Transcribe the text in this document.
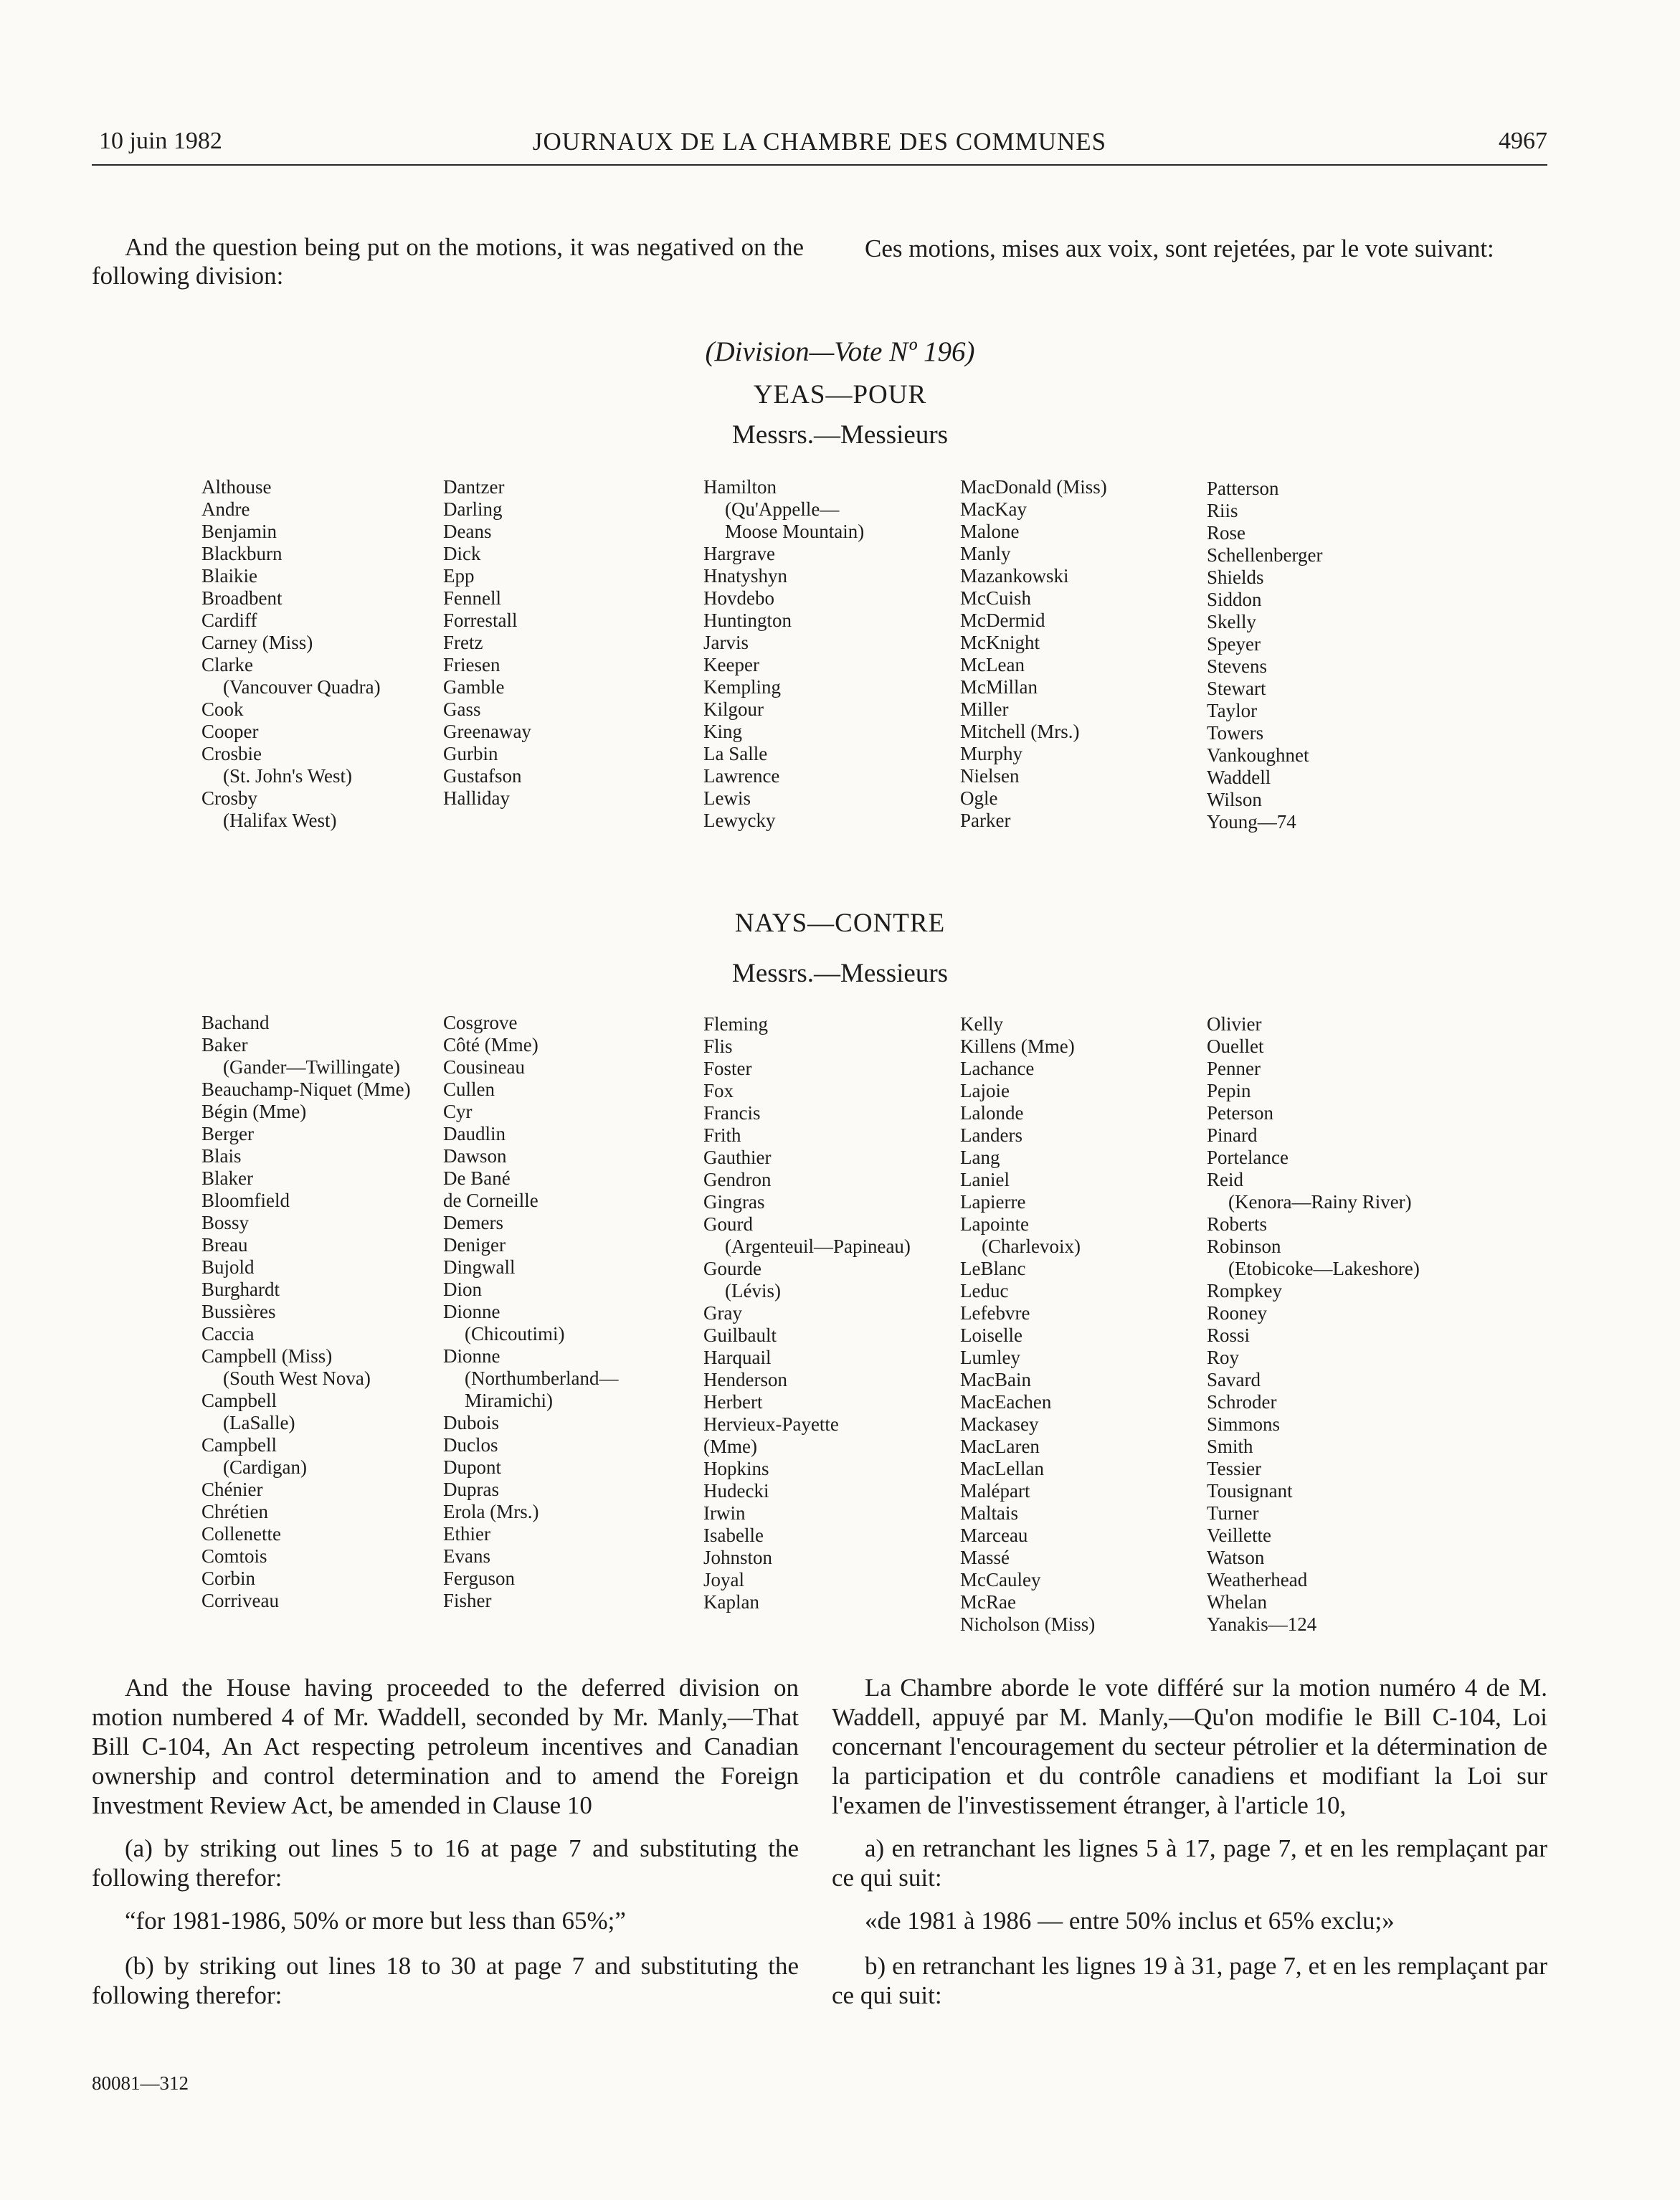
10 juin 1982	JOURNAUX DE LA CHAMBRE DES COMMUNES	4967
And the question being put on the motions, it was negatived on the following division:
Ces motions, mises aux voix, sont rejetées, par le vote suivant:
(Division—Vote Nº 196)
YEAS—POUR
Messrs.—Messieurs
Althouse
Andre
Benjamin
Blackburn
Blaikie
Broadbent
Cardiff
Carney (Miss)
Clarke
(Vancouver Quadra)
Cook
Cooper
Crosbie
(St. John's West)
Crosby
(Halifax West)
Dantzer
Darling
Deans
Dick
Epp
Fennell
Forrestall
Fretz
Friesen
Gamble
Gass
Greenaway
Gurbin
Gustafson
Halliday
Hamilton
(Qu'Appelle—
Moose Mountain)
Hargrave
Hnatyshyn
Hovdebo
Huntington
Jarvis
Keeper
Kempling
Kilgour
King
La Salle
Lawrence
Lewis
Lewycky
MacDonald (Miss)
MacKay
Malone
Manly
Mazankowski
McCuish
McDermid
McKnight
McLean
McMillan
Miller
Mitchell (Mrs.)
Murphy
Nielsen
Ogle
Parker
Patterson
Riis
Rose
Schellenberger
Shields
Siddon
Skelly
Speyer
Stevens
Stewart
Taylor
Towers
Vankoughnet
Waddell
Wilson
Young—74
NAYS—CONTRE
Messrs.—Messieurs
Bachand
Baker
(Gander—Twillingate)
Beauchamp-Niquet (Mme)
Bégin (Mme)
Berger
Blais
Blaker
Bloomfield
Bossy
Breau
Bujold
Burghardt
Bussières
Caccia
Campbell (Miss)
(South West Nova)
Campbell
(LaSalle)
Campbell
(Cardigan)
Chénier
Chrétien
Collenette
Comtois
Corbin
Corriveau
Cosgrove
Côté (Mme)
Cousineau
Cullen
Cyr
Daudlin
Dawson
De Bané
de Corneille
Demers
Deniger
Dingwall
Dion
Dionne
(Chicoutimi)
Dionne
(Northumberland—
Miramichi)
Dubois
Duclos
Dupont
Dupras
Erola (Mrs.)
Ethier
Evans
Ferguson
Fisher
Fleming
Flis
Foster
Fox
Francis
Frith
Gauthier
Gendron
Gingras
Gourd
(Argenteuil—Papineau)
Gourde
(Lévis)
Gray
Guilbault
Harquail
Henderson
Herbert
Hervieux-Payette
(Mme)
Hopkins
Hudecki
Irwin
Isabelle
Johnston
Joyal
Kaplan
Kelly
Killens (Mme)
Lachance
Lajoie
Lalonde
Landers
Lang
Laniel
Lapierre
Lapointe
(Charlevoix)
LeBlanc
Leduc
Lefebvre
Loiselle
Lumley
MacBain
MacEachen
Mackasey
MacLaren
MacLellan
Malépart
Maltais
Marceau
Massé
McCauley
McRae
Nicholson (Miss)
Olivier
Ouellet
Penner
Pepin
Peterson
Pinard
Portelance
Reid
(Kenora—Rainy River)
Roberts
Robinson
(Etobicoke—Lakeshore)
Rompkey
Rooney
Rossi
Roy
Savard
Schroder
Simmons
Smith
Tessier
Tousignant
Turner
Veillette
Watson
Weatherhead
Whelan
Yanakis—124

And the House having proceeded to the deferred division on motion numbered 4 of Mr. Waddell, seconded by Mr. Manly,—That Bill C-104, An Act respecting petroleum incentives and Canadian ownership and control determination and to amend the Foreign Investment Review Act, be amended in Clause 10

(a) by striking out lines 5 to 16 at page 7 and substituting the following therefor:

“for 1981-1986, 50% or more but less than 65%;”

(b) by striking out lines 18 to 30 at page 7 and substituting the following therefor:

La Chambre aborde le vote différé sur la motion numéro 4 de M. Waddell, appuyé par M. Manly,—Qu'on modifie le Bill C-104, Loi concernant l'encouragement du secteur pétrolier et la détermination de la participation et du contrôle canadiens et modifiant la Loi sur l'examen de l'investissement étranger, à l'article 10,

a) en retranchant les lignes 5 à 17, page 7, et en les remplaçant par ce qui suit:

«de 1981 à 1986 — entre 50% inclus et 65% exclu;»

b) en retranchant les lignes 19 à 31, page 7, et en les remplaçant par ce qui suit:

80081—312
